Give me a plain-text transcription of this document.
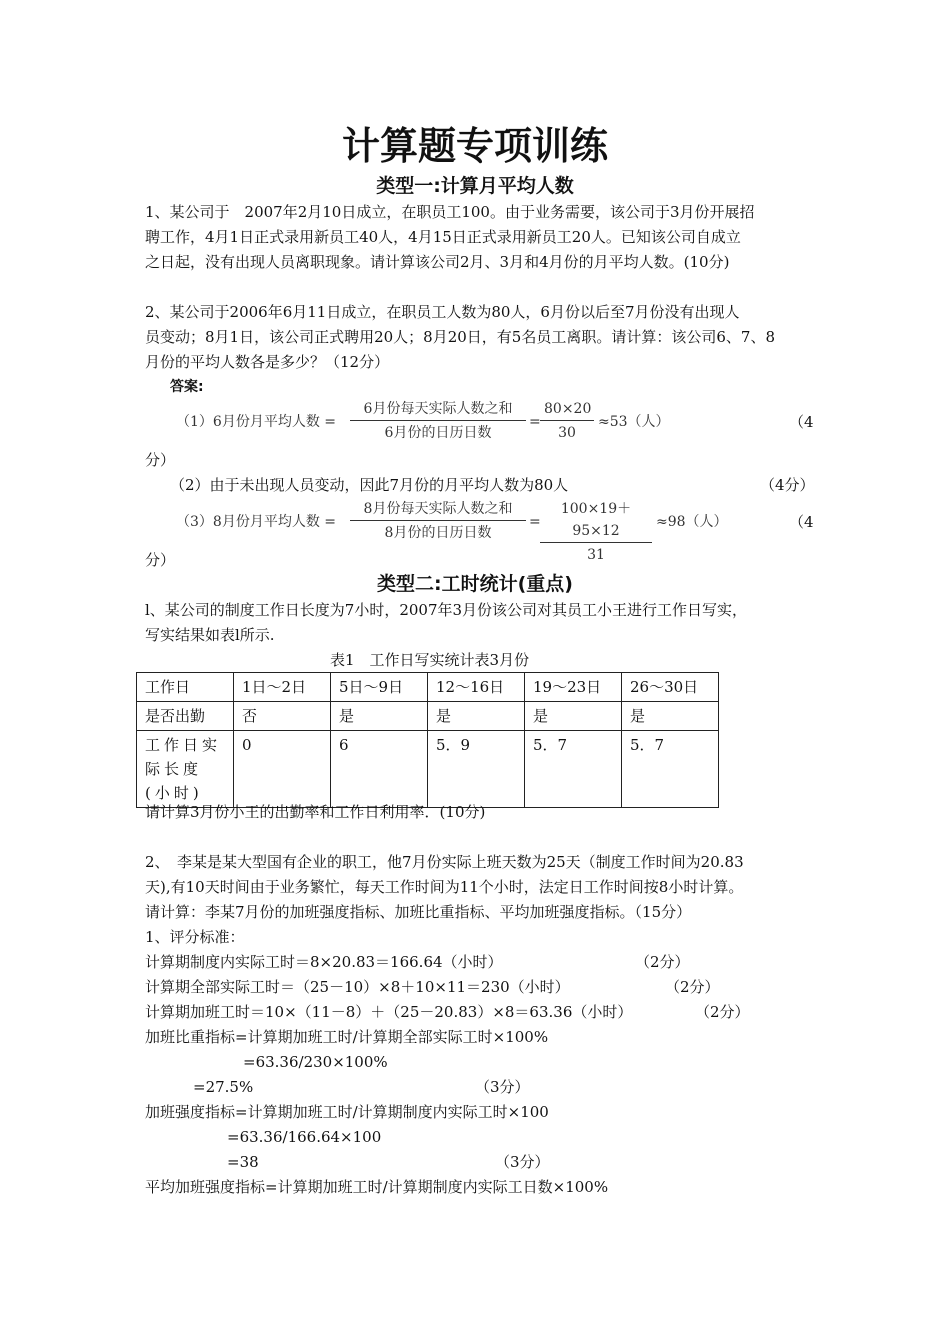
计算题专项训练
类型一:计算月平均人数
1、某公司于　2007年2月10日成立，在职员工100。由于业务需要，该公司于3月份开展招
聘工作，4月1日正式录用新员工40人，4月15日正式录用新员工20人。已知该公司自成立
之日起，没有出现人员离职现象。请计算该公司2月、3月和4月份的月平均人数。(10分)
2、某公司于2006年6月11日成立，在职员工人数为80人，6月份以后至7月份没有出现人
员变动；8月1日，该公司正式聘用20人；8月20日，有5名员工离职。请计算：该公司6、7、8
月份的平均人数各是多少？（12分）
答案:
（1）6月份月平均人数 =
6月份每天实际人数之和
6月份的日历日数
= $\frac{80\times 20}{30} \approx 53$（人）	（4
分）
（2）由于未出现人员变动，因此7月份的月平均人数为80人	（4分）
（3）8月份月平均人数 =
8月份每天实际人数之和
8月份的日历日数
= $\frac{100\times 19+95\times 12}{31} \approx 98$（人）	（4
分）
类型二:工时统计(重点)
l、某公司的制度工作日长度为7小时，2007年3月份该公司对其员工小王进行工作日写实，
写实结果如表l所示.
表1　工作日写实统计表3月份
工作日	1日～2日	5日～9日	12～16日	19～23日	26～30日
是否出勤	否	是	是	是	是
工作日实际长度(小时)	0	6	5．9	5．7	5．7
请计算3月份小王的出勤率和工作日利用率．(10分)
2、　李某是某大型国有企业的职工，他7月份实际上班天数为25天（制度工作时间为20.83
天),有10天时间由于业务繁忙，每天工作时间为11个小时，法定日工作时间按8小时计算。
请计算：李某7月份的加班强度指标、加班比重指标、平均加班强度指标。（15分）
1、评分标准：
计算期制度内实际工时＝8×20.83＝166.64（小时）	（2分）
计算期全部实际工时＝（25－10）×8＋10×11＝230（小时）	（2分）
计算期加班工时＝10×（11－8）＋（25－20.83）×8＝63.36（小时）	（2分）
加班比重指标=计算期加班工时/计算期全部实际工时×100%
=63.36/230×100%
=27.5%	（3分）
加班强度指标=计算期加班工时/计算期制度内实际工时×100
=63.36/166.64×100
=38	（3分）
平均加班强度指标=计算期加班工时/计算期制度内实际工日数×100%
